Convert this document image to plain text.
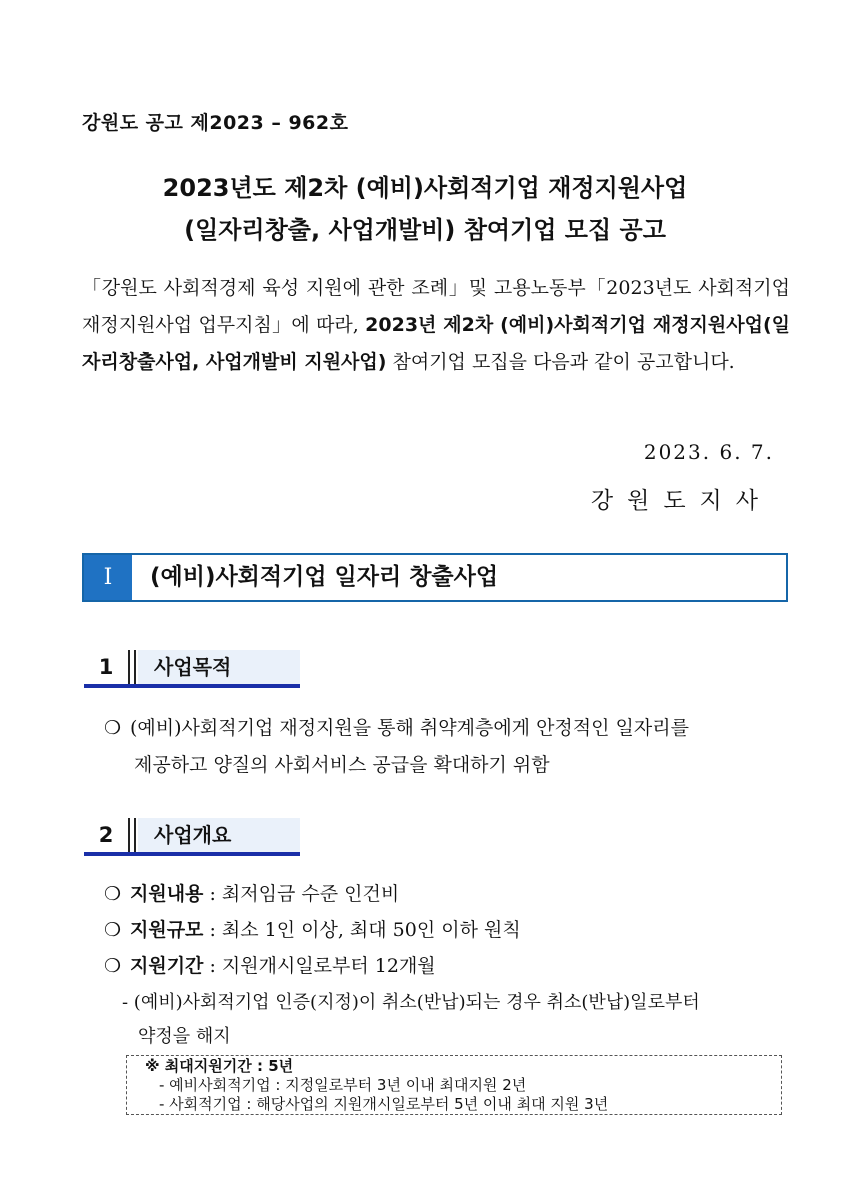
강원도 공고 제2023 – 962호
2023년도 제2차 (예비)사회적기업 재정지원사업
(일자리창출, 사업개발비) 참여기업 모집 공고
「강원도 사회적경제 육성 지원에 관한 조례」및 고용노동부「2023년도 사회적기업 재정지원사업 업무지침」에 따라, 2023년 제2차 (예비)사회적기업 재정지원사업(일자리창출사업, 사업개발비 지원사업) 참여기업 모집을 다음과 같이 공고합니다.
2023. 6. 7.
강원도지사
Ⅰ	(예비)사회적기업 일자리 창출사업
1	사업목적
❍ (예비)사회적기업 재정지원을 통해 취약계층에게 안정적인 일자리를
제공하고 양질의 사회서비스 공급을 확대하기 위함
2	사업개요
❍ 지원내용 : 최저임금 수준 인건비
❍ 지원규모 : 최소 1인 이상, 최대 50인 이하 원칙
❍ 지원기간 : 지원개시일로부터 12개월
- (예비)사회적기업 인증(지정)이 취소(반납)되는 경우 취소(반납)일로부터
약정을 해지
※ 최대지원기간 : 5년
- 예비사회적기업 : 지정일로부터 3년 이내 최대지원 2년
- 사회적기업 : 해당사업의 지원개시일로부터 5년 이내 최대 지원 3년
